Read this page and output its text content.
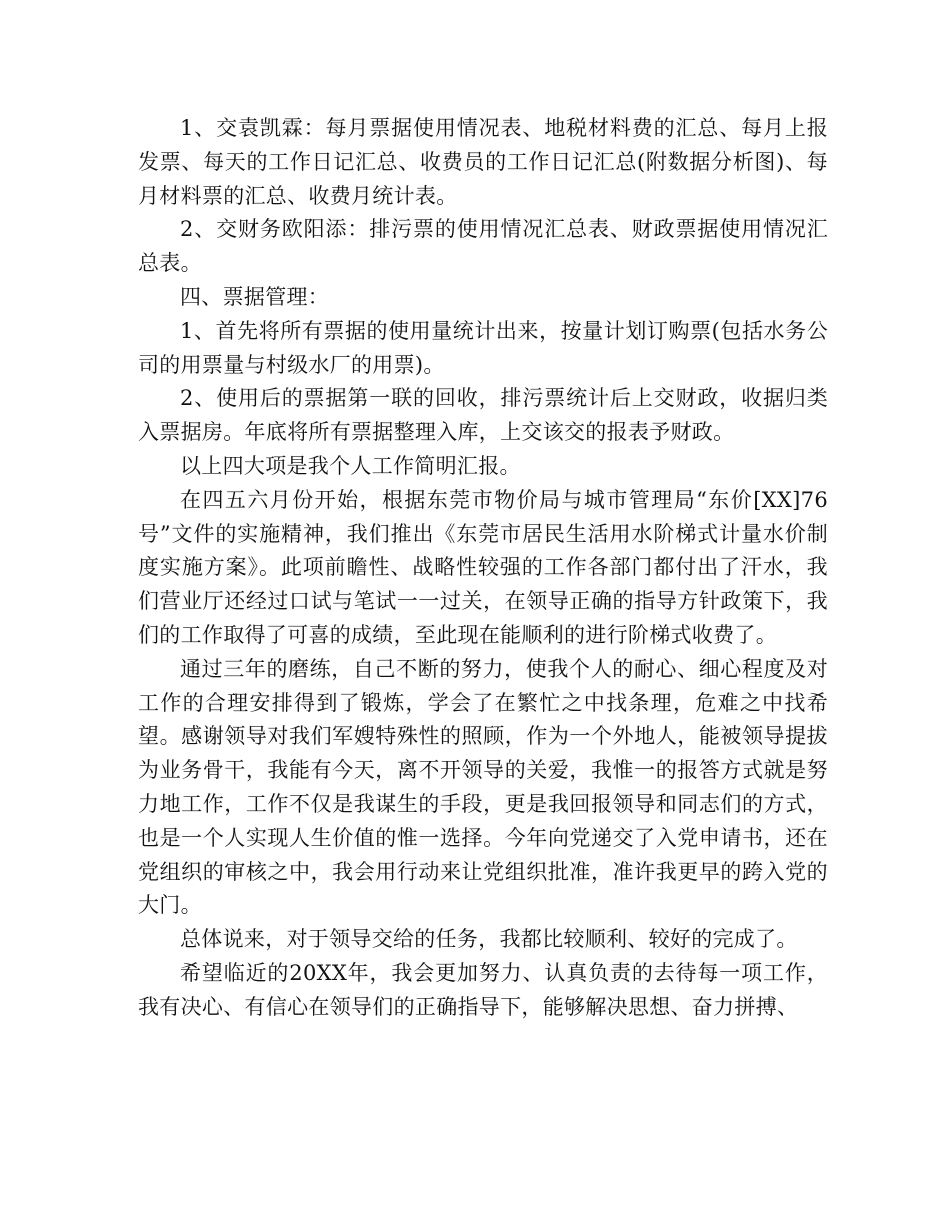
1、交袁凯霖：每月票据使用情况表、地税材料费的汇总、每月上报发票、每天的工作日记汇总、收费员的工作日记汇总(附数据分析图)、每月材料票的汇总、收费月统计表。

2、交财务欧阳添：排污票的使用情况汇总表、财政票据使用情况汇总表。

四、票据管理：

1、首先将所有票据的使用量统计出来，按量计划订购票(包括水务公司的用票量与村级水厂的用票)。

2、使用后的票据第一联的回收，排污票统计后上交财政，收据归类入票据房。年底将所有票据整理入库，上交该交的报表予财政。

以上四大项是我个人工作简明汇报。

在四五六月份开始，根据东莞市物价局与城市管理局“东价[XX]76号”文件的实施精神，我们推出《东莞市居民生活用水阶梯式计量水价制度实施方案》。此项前瞻性、战略性较强的工作各部门都付出了汗水，我们营业厅还经过口试与笔试一一过关，在领导正确的指导方针政策下，我们的工作取得了可喜的成绩，至此现在能顺利的进行阶梯式收费了。

通过三年的磨练，自己不断的努力，使我个人的耐心、细心程度及对工作的合理安排得到了锻炼，学会了在繁忙之中找条理，危难之中找希望。感谢领导对我们军嫂特殊性的照顾，作为一个外地人，能被领导提拔为业务骨干，我能有今天，离不开领导的关爱，我惟一的报答方式就是努力地工作，工作不仅是我谋生的手段，更是我回报领导和同志们的方式，也是一个人实现人生价值的惟一选择。今年向党递交了入党申请书，还在党组织的审核之中，我会用行动来让党组织批准，准许我更早的跨入党的大门。

总体说来，对于领导交给的任务，我都比较顺利、较好的完成了。

希望临近的20XX年，我会更加努力、认真负责的去待每一项工作，我有决心、有信心在领导们的正确指导下，能够解决思想、奋力拼搏、
